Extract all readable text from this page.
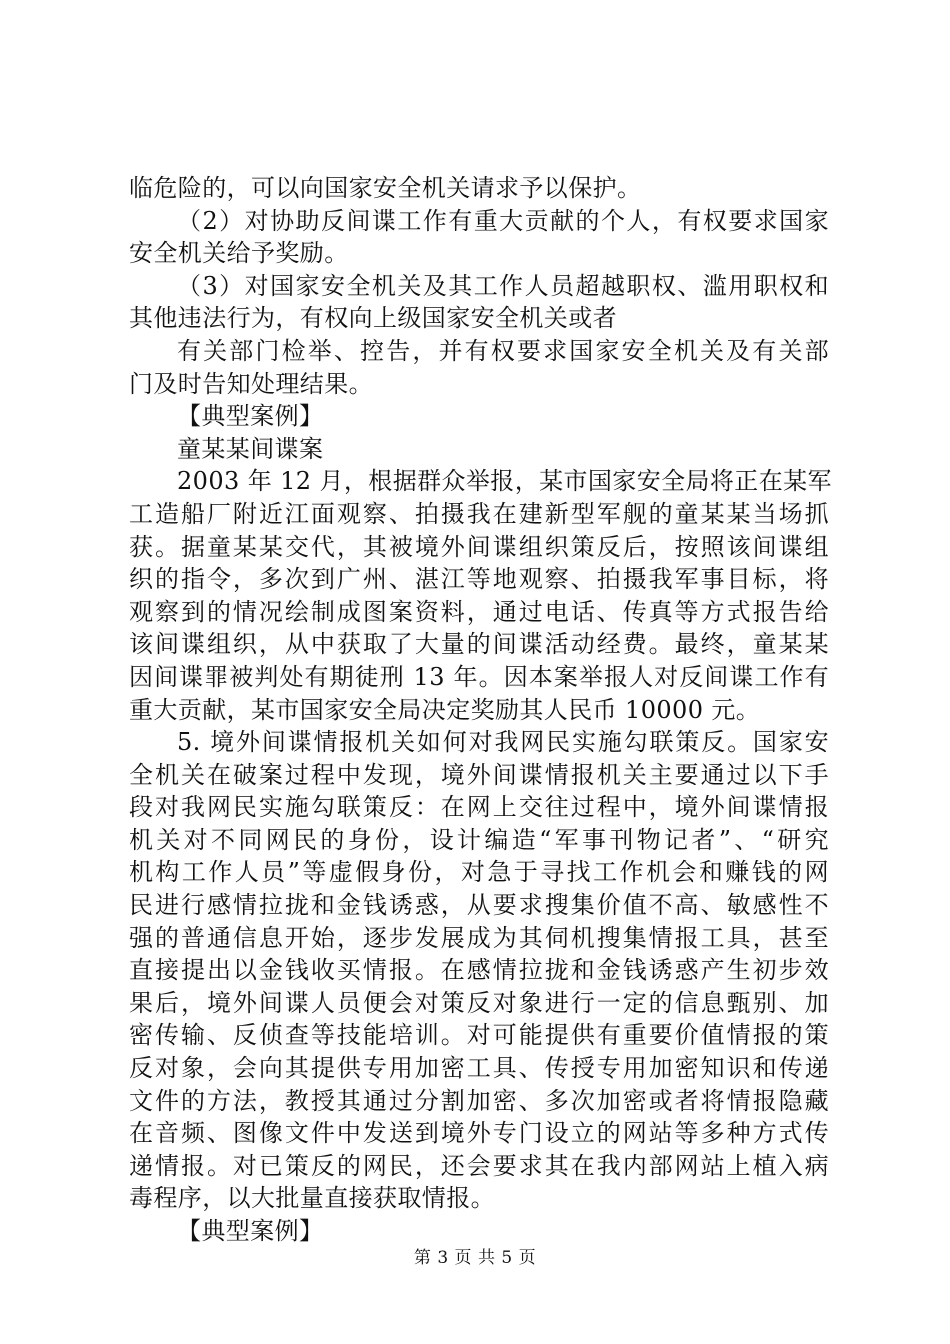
临危险的，可以向国家安全机关请求予以保护。

（2）对协助反间谍工作有重大贡献的个人，有权要求国家

安全机关给予奖励。

（3）对国家安全机关及其工作人员超越职权、滥用职权和

其他违法行为，有权向上级国家安全机关或者

有关部门检举、控告，并有权要求国家安全机关及有关部

门及时告知处理结果。

【典型案例】

童某某间谍案

2003 年 12 月，根据群众举报，某市国家安全局将正在某军

工造船厂附近江面观察、拍摄我在建新型军舰的童某某当场抓

获。据童某某交代，其被境外间谍组织策反后，按照该间谍组

织的指令，多次到广州、湛江等地观察、拍摄我军事目标，将

观察到的情况绘制成图案资料，通过电话、传真等方式报告给

该间谍组织，从中获取了大量的间谍活动经费。最终，童某某

因间谍罪被判处有期徒刑 13 年。因本案举报人对反间谍工作有

重大贡献，某市国家安全局决定奖励其人民币 10000 元。

5. 境外间谍情报机关如何对我网民实施勾联策反。国家安

全机关在破案过程中发现，境外间谍情报机关主要通过以下手

段对我网民实施勾联策反：在网上交往过程中，境外间谍情报

机关对不同网民的身份，设计编造“军事刊物记者”、“研究

机构工作人员”等虚假身份，对急于寻找工作机会和赚钱的网

民进行感情拉拢和金钱诱惑，从要求搜集价值不高、敏感性不

强的普通信息开始，逐步发展成为其伺机搜集情报工具，甚至

直接提出以金钱收买情报。在感情拉拢和金钱诱惑产生初步效

果后，境外间谍人员便会对策反对象进行一定的信息甄别、加

密传输、反侦查等技能培训。对可能提供有重要价值情报的策

反对象，会向其提供专用加密工具、传授专用加密知识和传递

文件的方法，教授其通过分割加密、多次加密或者将情报隐藏

在音频、图像文件中发送到境外专门设立的网站等多种方式传

递情报。对已策反的网民，还会要求其在我内部网站上植入病

毒程序，以大批量直接获取情报。

【典型案例】

第 3 页 共 5 页
